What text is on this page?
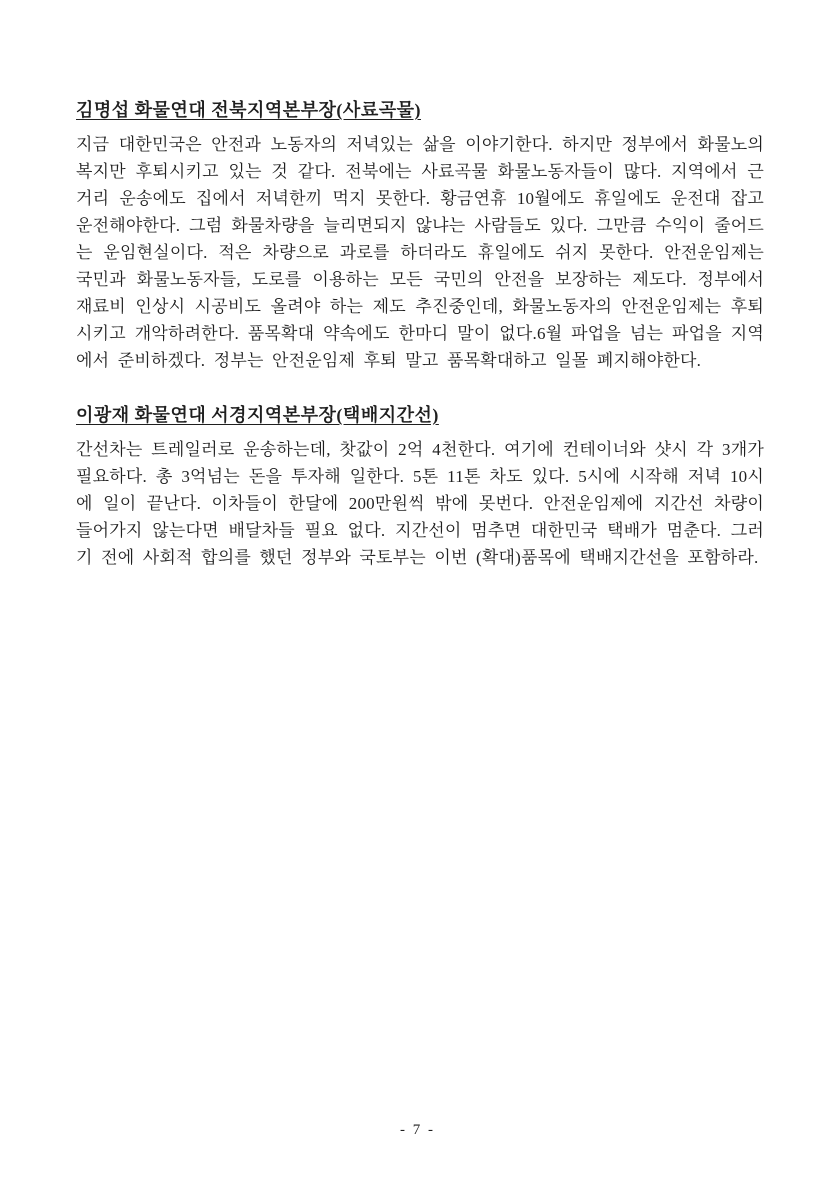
김명섭 화물연대 전북지역본부장(사료곡물)

지금 대한민국은 안전과 노동자의 저녁있는 삶을 이야기한다. 하지만 정부에서 화물노의 복지만 후퇴시키고 있는 것 같다. 전북에는 사료곡물 화물노동자들이 많다. 지역에서 근거리 운송에도 집에서 저녁한끼 먹지 못한다. 황금연휴 10월에도 휴일에도 운전대 잡고 운전해야한다. 그럼 화물차량을 늘리면되지 않냐는 사람들도 있다. 그만큼 수익이 줄어드는 운임현실이다. 적은 차량으로 과로를 하더라도 휴일에도 쉬지 못한다. 안전운임제는 국민과 화물노동자들, 도로를 이용하는 모든 국민의 안전을 보장하는 제도다. 정부에서 재료비 인상시 시공비도 올려야 하는 제도 추진중인데, 화물노동자의 안전운임제는 후퇴시키고 개악하려한다. 품목확대 약속에도 한마디 말이 없다.6월 파업을 넘는 파업을 지역에서 준비하겠다. 정부는 안전운임제 후퇴 말고 품목확대하고 일몰 폐지해야한다.

이광재 화물연대 서경지역본부장(택배지간선)

간선차는 트레일러로 운송하는데, 찻값이 2억 4천한다. 여기에 컨테이너와 샷시 각 3개가 필요하다. 총 3억넘는 돈을 투자해 일한다. 5톤 11톤 차도 있다. 5시에 시작해 저녁 10시에 일이 끝난다. 이차들이 한달에 200만원씩 밖에 못번다. 안전운임제에 지간선 차량이 들어가지 않는다면 배달차들 필요 없다. 지간선이 멈추면 대한민국 택배가 멈춘다. 그러기 전에 사회적 합의를 했던 정부와 국토부는 이번 (확대)품목에 택배지간선을 포함하라.

- 7 -
